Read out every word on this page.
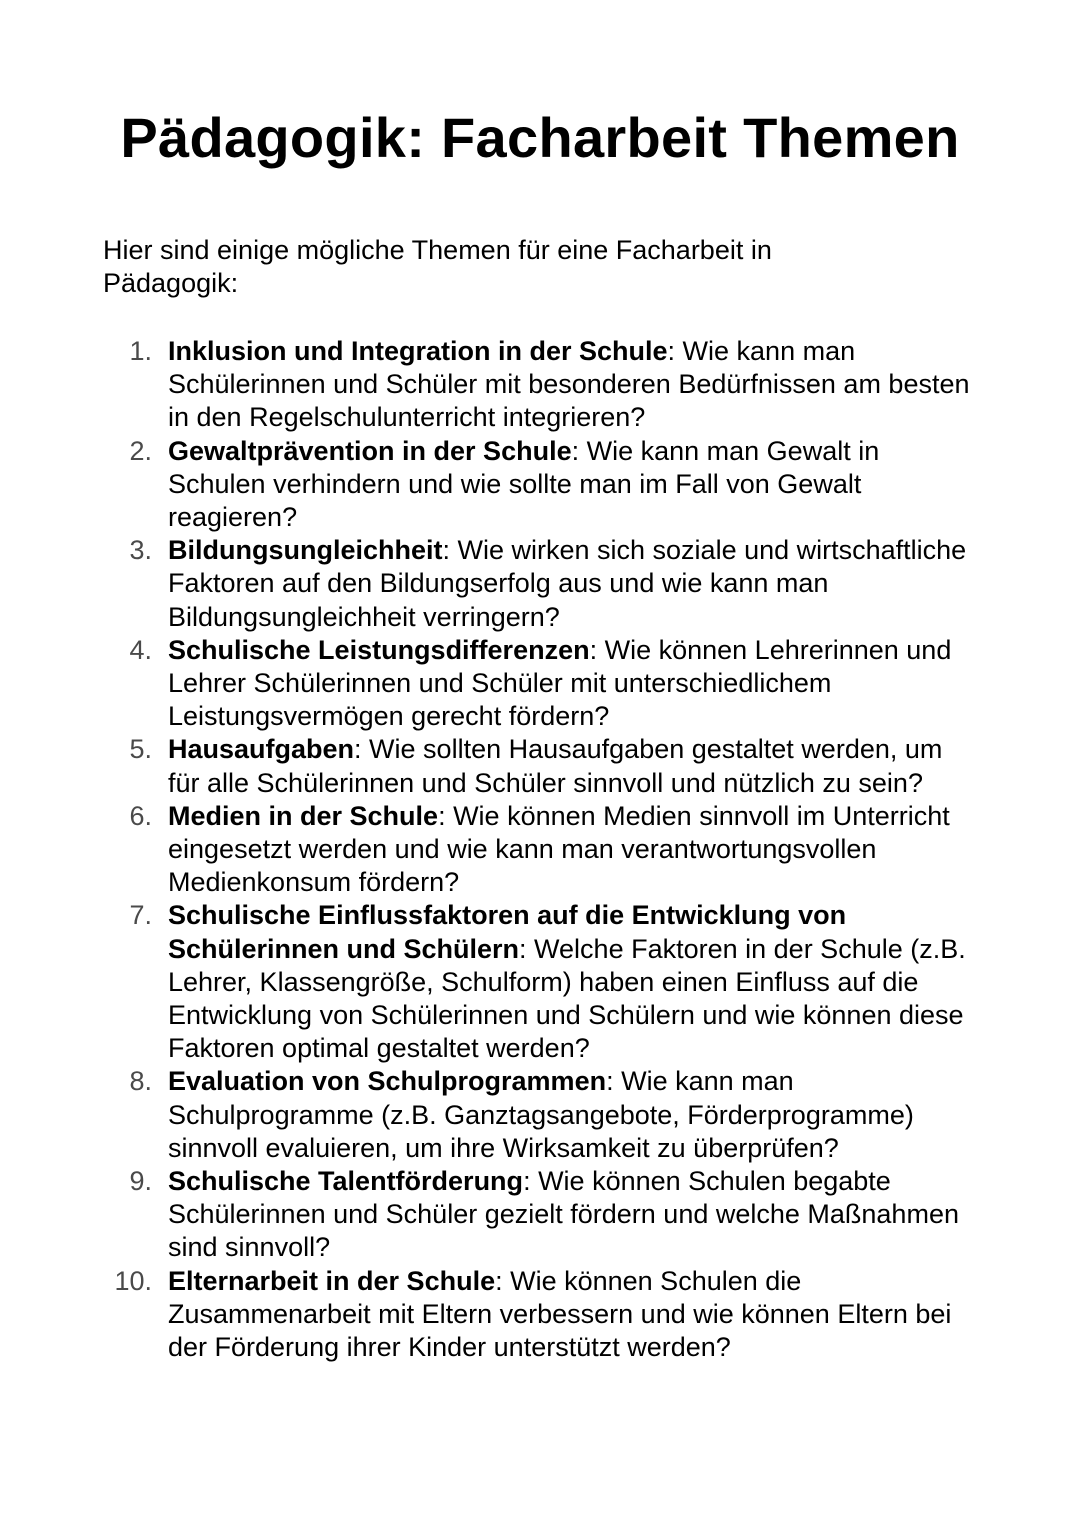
Pädagogik: Facharbeit Themen

Hier sind einige mögliche Themen für eine Facharbeit in Pädagogik:

1. Inklusion und Integration in der Schule: Wie kann man Schülerinnen und Schüler mit besonderen Bedürfnissen am besten in den Regelschulunterricht integrieren?
2. Gewaltprävention in der Schule: Wie kann man Gewalt in Schulen verhindern und wie sollte man im Fall von Gewalt reagieren?
3. Bildungsungleichheit: Wie wirken sich soziale und wirtschaftliche Faktoren auf den Bildungserfolg aus und wie kann man Bildungsungleichheit verringern?
4. Schulische Leistungsdifferenzen: Wie können Lehrerinnen und Lehrer Schülerinnen und Schüler mit unterschiedlichem Leistungsvermögen gerecht fördern?
5. Hausaufgaben: Wie sollten Hausaufgaben gestaltet werden, um für alle Schülerinnen und Schüler sinnvoll und nützlich zu sein?
6. Medien in der Schule: Wie können Medien sinnvoll im Unterricht eingesetzt werden und wie kann man verantwortungsvollen Medienkonsum fördern?
7. Schulische Einflussfaktoren auf die Entwicklung von Schülerinnen und Schülern: Welche Faktoren in der Schule (z.B. Lehrer, Klassengröße, Schulform) haben einen Einfluss auf die Entwicklung von Schülerinnen und Schülern und wie können diese Faktoren optimal gestaltet werden?
8. Evaluation von Schulprogrammen: Wie kann man Schulprogramme (z.B. Ganztagsangebote, Förderprogramme) sinnvoll evaluieren, um ihre Wirksamkeit zu überprüfen?
9. Schulische Talentförderung: Wie können Schulen begabte Schülerinnen und Schüler gezielt fördern und welche Maßnahmen sind sinnvoll?
10. Elternarbeit in der Schule: Wie können Schulen die Zusammenarbeit mit Eltern verbessern und wie können Eltern bei der Förderung ihrer Kinder unterstützt werden?
